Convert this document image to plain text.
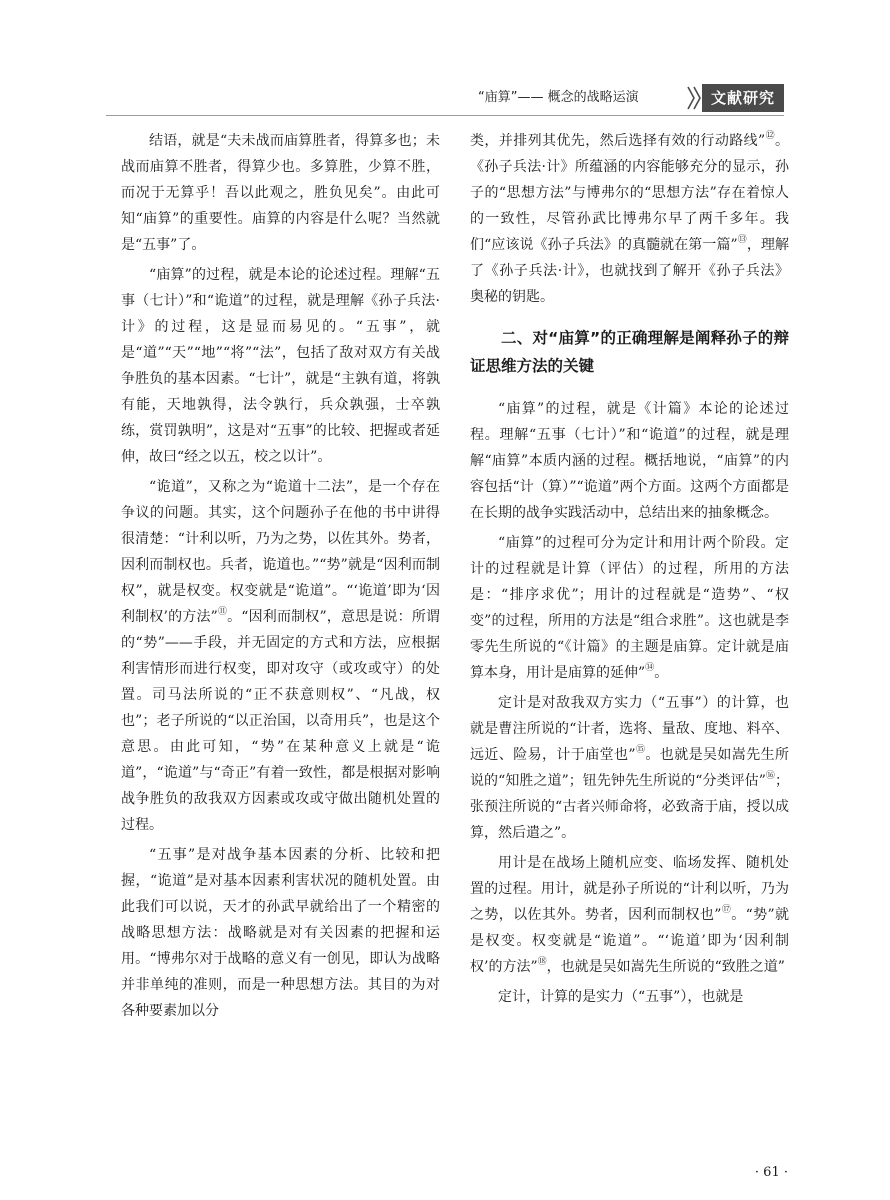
“庙算”—— 概念的战略运演	文献研究

结语，就是“夫未战而庙算胜者，得算多也；未战而庙算不胜者，得算少也。多算胜，少算不胜，而况于无算乎！吾以此观之，胜负见矣”。由此可知“庙算”的重要性。庙算的内容是什么呢？当然就是“五事”了。

“庙算”的过程，就是本论的论述过程。理解“五事（七计）”和“诡道”的过程，就是理解《孙子兵法·计》的过程，这是显而易见的。“五事”，就是“道”“天”“地”“将”“法”，包括了敌对双方有关战争胜负的基本因素。“七计”，就是“主孰有道，将孰有能，天地孰得，法令孰行，兵众孰强，士卒孰练，赏罚孰明”，这是对“五事”的比较、把握或者延伸，故曰“经之以五，校之以计”。

“诡道”，又称之为“诡道十二法”，是一个存在争议的问题。其实，这个问题孙子在他的书中讲得很清楚：“计利以听，乃为之势，以佐其外。势者，因利而制权也。兵者，诡道也。”“势”就是“因利而制权”，就是权变。权变就是“诡道”。“‘诡道’即为‘因利制权’的方法”⑪。“因利而制权”，意思是说：所谓的“势”——手段，并无固定的方式和方法，应根据利害情形而进行权变，即对攻守（或攻或守）的处置。司马法所说的“正不获意则权”、“凡战，权也”；老子所说的“以正治国，以奇用兵”，也是这个意思。由此可知，“势”在某种意义上就是“诡道”，“诡道”与“奇正”有着一致性，都是根据对影响战争胜负的敌我双方因素或攻或守做出随机处置的过程。

“五事”是对战争基本因素的分析、比较和把握，“诡道”是对基本因素利害状况的随机处置。由此我们可以说，天才的孙武早就给出了一个精密的战略思想方法：战略就是对有关因素的把握和运用。“博弗尔对于战略的意义有一创见，即认为战略并非单纯的准则，而是一种思想方法。其目的为对各种要素加以分

类，并排列其优先，然后选择有效的行动路线”⑫。《孙子兵法·计》所蕴涵的内容能够充分的显示，孙子的“思想方法”与博弗尔的“思想方法”存在着惊人的一致性，尽管孙武比博弗尔早了两千多年。我们“应该说《孙子兵法》的真髓就在第一篇”⑬，理解了《孙子兵法·计》，也就找到了解开《孙子兵法》奥秘的钥匙。

二、对“庙算”的正确理解是阐释孙子的辩证思维方法的关键

“庙算”的过程，就是《计篇》本论的论述过程。理解“五事（七计）”和“诡道”的过程，就是理解“庙算”本质内涵的过程。概括地说，“庙算”的内容包括“计（算）”“诡道”两个方面。这两个方面都是在长期的战争实践活动中，总结出来的抽象概念。

“庙算”的过程可分为定计和用计两个阶段。定计的过程就是计算（评估）的过程，所用的方法是：“排序求优”；用计的过程就是“造势”、“权变”的过程，所用的方法是“组合求胜”。这也就是李零先生所说的“《计篇》的主题是庙算。定计就是庙算本身，用计是庙算的延伸”⑭。

定计是对敌我双方实力（“五事”）的计算，也就是曹注所说的“计者，选将、量敌、度地、料卒、远近、险易，计于庙堂也”⑮。也就是吴如嵩先生所说的“知胜之道”；钮先钟先生所说的“分类评估”⑯；张预注所说的“古者兴师命将，必致斋于庙，授以成算，然后遣之”。

用计是在战场上随机应变、临场发挥、随机处置的过程。用计，就是孙子所说的“计利以听，乃为之势，以佐其外。势者，因利而制权也”⑰。“势”就是权变。权变就是“诡道”。“‘诡道’即为‘因利制权’的方法”⑱，也就是吴如嵩先生所说的“致胜之道”

定计，计算的是实力（“五事”），也就是

· 61 ·
